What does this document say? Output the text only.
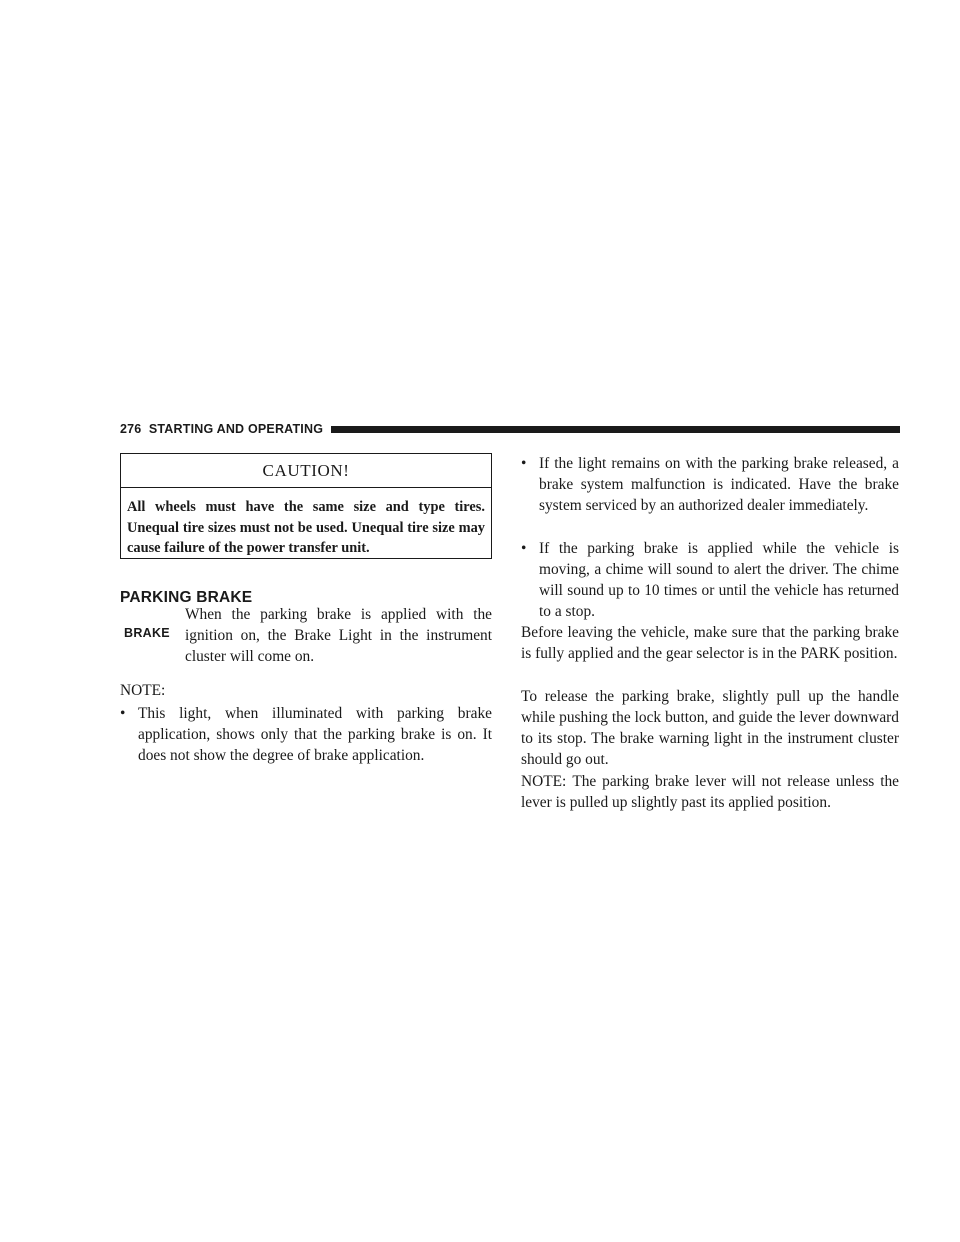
276 STARTING AND OPERATING
CAUTION!
All wheels must have the same size and type tires. Unequal tire sizes must not be used. Unequal tire size may cause failure of the power transfer unit.
PARKING BRAKE
BRAKE

When the parking brake is applied with the ignition on, the Brake Light in the instrument cluster will come on.

NOTE:
• This light, when illuminated with parking brake application, shows only that the parking brake is on. It does not show the degree of brake application.

• If the light remains on with the parking brake released, a brake system malfunction is indicated. Have the brake system serviced by an authorized dealer immediately.

• If the parking brake is applied while the vehicle is moving, a chime will sound to alert the driver. The chime will sound up to 10 times or until the vehicle has returned to a stop.

Before leaving the vehicle, make sure that the parking brake is fully applied and the gear selector is in the PARK position.

To release the parking brake, slightly pull up the handle while pushing the lock button, and guide the lever downward to its stop. The brake warning light in the instrument cluster should go out.

NOTE: The parking brake lever will not release unless the lever is pulled up slightly past its applied position.
